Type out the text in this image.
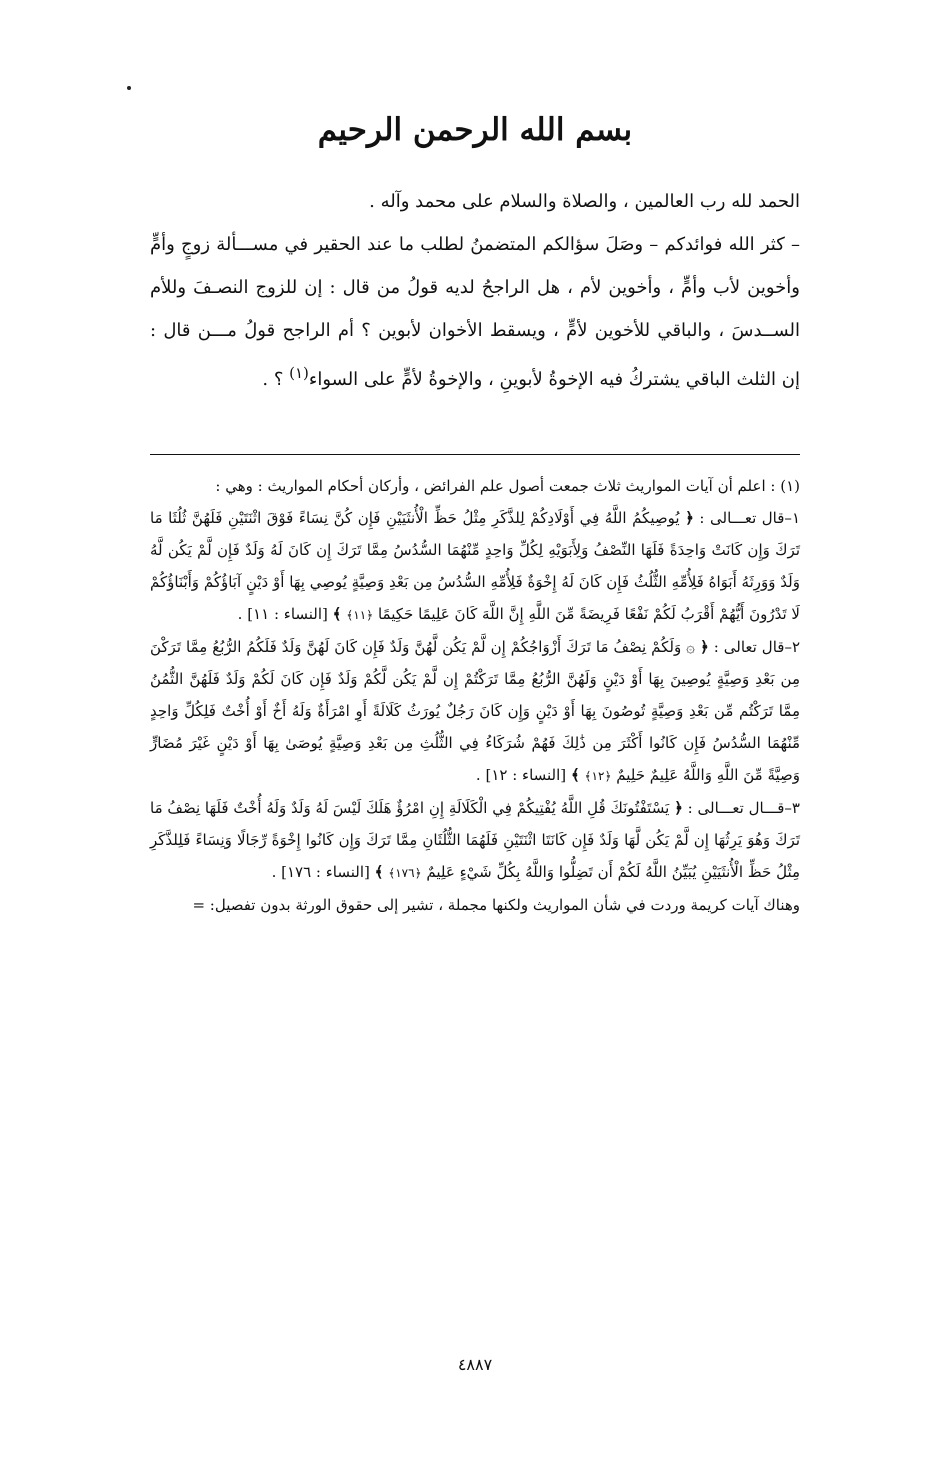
بسم الله الرحمن الرحيم

الحمد لله رب العالمين ، والصلاة والسلام على محمد وآله .

– كثر الله فوائدكم – وصَلَ سؤالكم المتضمنُ لطلب ما عند الحقير في مســـألة زوجٍ وأمٍّ وأخوين لأب وأمٍّ ، وأخوين لأم ، هل الراجحُ لديه قولُ من قال : إن للزوج النصـفَ وللأم الســدسَ ، والباقي للأخوين لأمٍّ ، ويسقط الأخوان لأبوين ؟ أم الراجح قولُ مـــن قال : إن الثلث الباقي يشتركُ فيه الإخوةُ لأبوينِ ، والإخوةُ لأمٍّ على السواء$^{(١)}$ ؟ .

(١) : اعلم أن آيات المواريث ثلاث جمعت أصول علم الفرائض ، وأركان أحكام المواريث : وهي :

١–قال تعـــالى : ﴿ يُوصِيكُمُ اللَّهُ فِي أَوْلَادِكُمْ لِلذَّكَرِ مِثْلُ حَظِّ الْأُنثَيَيْنِ فَإِن كُنَّ نِسَاءً فَوْقَ اثْنَتَيْنِ فَلَهُنَّ ثُلُثَا مَا تَرَكَ وَإِن كَانَتْ وَاحِدَةً فَلَهَا النِّصْفُ وَلِأَبَوَيْهِ لِكُلِّ وَاحِدٍ مِّنْهُمَا السُّدُسُ مِمَّا تَرَكَ إِن كَانَ لَهُ وَلَدٌ فَإِن لَّمْ يَكُن لَّهُ وَلَدٌ وَوَرِثَهُ أَبَوَاهُ فَلِأُمِّهِ الثُّلُثُ فَإِن كَانَ لَهُ إِخْوَةٌ فَلِأُمِّهِ السُّدُسُ مِن بَعْدِ وَصِيَّةٍ يُوصِي بِهَا أَوْ دَيْنٍ آبَاؤُكُمْ وَأَبْنَاؤُكُمْ لَا تَدْرُونَ أَيُّهُمْ أَقْرَبُ لَكُمْ نَفْعًا فَرِيضَةً مِّنَ اللَّهِ إِنَّ اللَّهَ كَانَ عَلِيمًا حَكِيمًا ﴿١١﴾ ﴾ [النساء : ١١] .

٢–قال تعالى : ﴿ ۞ وَلَكُمْ نِصْفُ مَا تَرَكَ أَزْوَاجُكُمْ إِن لَّمْ يَكُن لَّهُنَّ وَلَدٌ فَإِن كَانَ لَهُنَّ وَلَدٌ فَلَكُمُ الرُّبُعُ مِمَّا تَرَكْنَ مِن بَعْدِ وَصِيَّةٍ يُوصِينَ بِهَا أَوْ دَيْنٍ وَلَهُنَّ الرُّبُعُ مِمَّا تَرَكْتُمْ إِن لَّمْ يَكُن لَّكُمْ وَلَدٌ فَإِن كَانَ لَكُمْ وَلَدٌ فَلَهُنَّ الثُّمُنُ مِمَّا تَرَكْتُم مِّن بَعْدِ وَصِيَّةٍ تُوصُونَ بِهَا أَوْ دَيْنٍ وَإِن كَانَ رَجُلٌ يُورَثُ كَلَالَةً أَوِ امْرَأَةٌ وَلَهُ أَخٌ أَوْ أُخْتٌ فَلِكُلِّ وَاحِدٍ مِّنْهُمَا السُّدُسُ فَإِن كَانُوا أَكْثَرَ مِن ذَٰلِكَ فَهُمْ شُرَكَاءُ فِي الثُّلُثِ مِن بَعْدِ وَصِيَّةٍ يُوصَىٰ بِهَا أَوْ دَيْنٍ غَيْرَ مُضَارٍّ وَصِيَّةً مِّنَ اللَّهِ وَاللَّهُ عَلِيمٌ حَلِيمٌ ﴿١٢﴾ ﴾ [النساء : ١٢] .

٣–قـــال تعـــالى : ﴿ يَسْتَفْتُونَكَ قُلِ اللَّهُ يُفْتِيكُمْ فِي الْكَلَالَةِ إِنِ امْرُؤٌ هَلَكَ لَيْسَ لَهُ وَلَدٌ وَلَهُ أُخْتٌ فَلَهَا نِصْفُ مَا تَرَكَ وَهُوَ يَرِثُهَا إِن لَّمْ يَكُن لَّهَا وَلَدٌ فَإِن كَانَتَا اثْنَتَيْنِ فَلَهُمَا الثُّلُثَانِ مِمَّا تَرَكَ وَإِن كَانُوا إِخْوَةً رِّجَالًا وَنِسَاءً فَلِلذَّكَرِ مِثْلُ حَظِّ الْأُنثَيَيْنِ يُبَيِّنُ اللَّهُ لَكُمْ أَن تَضِلُّوا وَاللَّهُ بِكُلِّ شَيْءٍ عَلِيمٌ ﴿١٧٦﴾ ﴾ [النساء : ١٧٦] .

وهناك آيات كريمة وردت في شأن المواريث ولكنها مجملة ، تشير إلى حقوق الورثة بدون تفصيل: =

٤٨٨٧
